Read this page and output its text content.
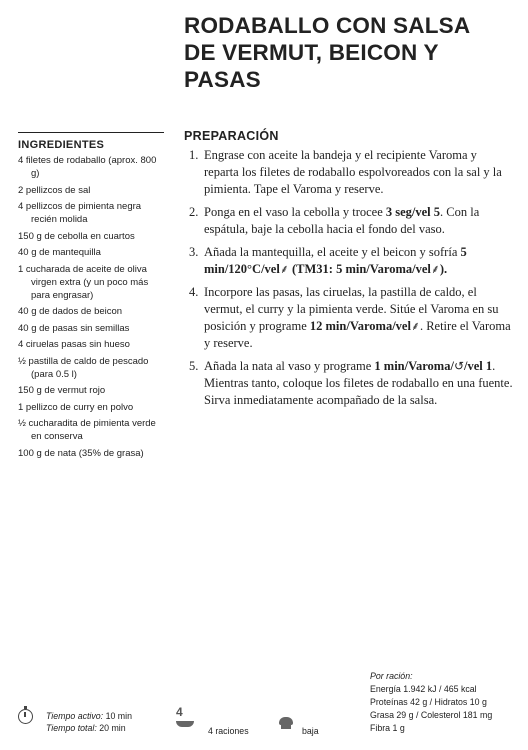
RODABALLO CON SALSA
DE VERMUT, BEICON Y
PASAS
INGREDIENTES
4 filetes de rodaballo (aprox. 800 g)
2 pellizcos de sal
4 pellizcos de pimienta negra recién molida
150 g de cebolla en cuartos
40 g de mantequilla
1 cucharada de aceite de oliva virgen extra (y un poco más para engrasar)
40 g de dados de beicon
40 g de pasas sin semillas
4 ciruelas pasas sin hueso
½ pastilla de caldo de pescado (para 0.5 l)
150 g de vermut rojo
1 pellizco de curry en polvo
½ cucharadita de pimienta verde en conserva
100 g de nata (35% de grasa)
PREPARACIÓN
1. Engrase con aceite la bandeja y el recipiente Varoma y reparta los filetes de rodaballo espolvoreados con la sal y la pimienta. Tape el Varoma y reserve.
2. Ponga en el vaso la cebolla y trocee 3 seg/vel 5. Con la espátula, baje la cebolla hacia el fondo del vaso.
3. Añada la mantequilla, el aceite y el beicon y sofría 5 min/120°C/vel⸙ (TM31: 5 min/Varoma/vel⸙).
4. Incorpore las pasas, las ciruelas, la pastilla de caldo, el vermut, el curry y la pimienta verde. Sitúe el Varoma en su posición y programe 12 min/Varoma/vel⸙. Retire el Varoma y reserve.
5. Añada la nata al vaso y programe 1 min/Varoma/↺/vel 1. Mientras tanto, coloque los filetes de rodaballo en una fuente. Sirva inmediatamente acompañado de la salsa.
Por ración:
Energía 1.942 kJ / 465 kcal
Proteínas 42 g / Hidratos 10 g
Grasa 29 g / Colesterol 181 mg
Fibra 1 g
Tiempo activo: 10 min
Tiempo total: 20 min
4
4 raciones	baja
